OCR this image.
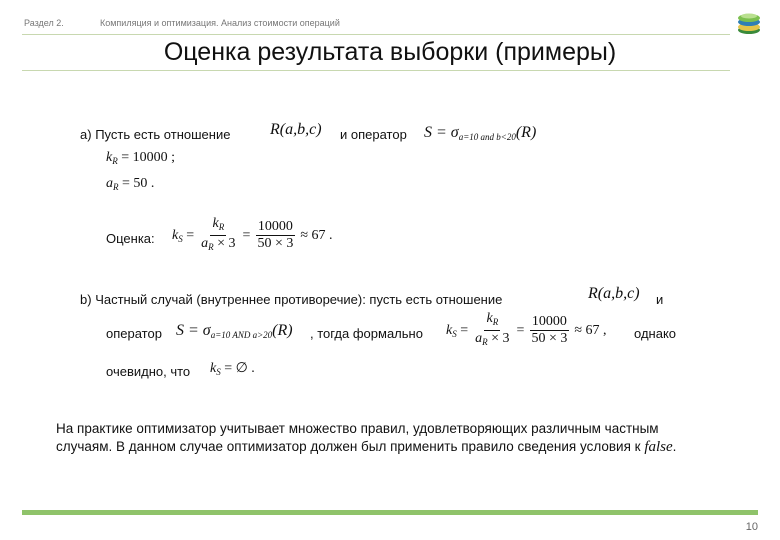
Раздел 2.	Компиляция и оптимизация. Анализ стоимости операций
Оценка результата выборки (примеры)
a) Пусть есть отношение R(a,b,c) и оператор $S = \sigma_{a=10 and b<20}(R)$
$k_R = 10000$ ;
$a_R = 50$ .
Оценка: $k_S = \frac{k_R}{a_R \times 3} = \frac{10000}{50 \times 3} \approx 67$ .
b) Частный случай (внутреннее противоречие): пусть есть отношение	R(a,b,c) и
оператор $S = \sigma_{a=10 AND a>20}(R)$ , тогда формально $k_S = \frac{k_R}{a_R \times 3} = \frac{10000}{50 \times 3} \approx 67$ , однако
очевидно, что $k_S$ = ∅ .
На практике оптимизатор учитывает множество правил, удовлетворяющих различным частным случаям. В данном случае оптимизатор должен был применить правило сведения условия к false.
10
